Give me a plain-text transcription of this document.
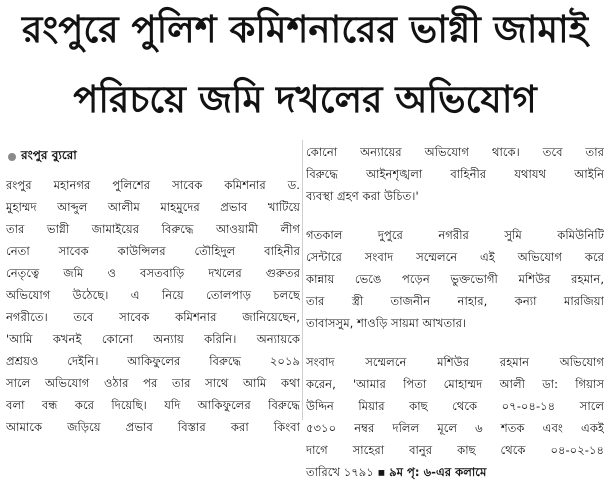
রংপুরে পুলিশ কমিশনারের ভাগ্নী জামাই
পরিচয়ে জমি দখলের অভিযোগ
রংপুর ব্যুরো
রংপুর মহানগর পুলিশের সাবেক কমিশনার ড.
মুহাম্মদ আব্দুল আলীম মাহমুদের প্রভাব খাটিয়ে
তার ভাগ্নী জামাইয়ের বিরুদ্ধে আওয়ামী লীগ
নেতা সাবেক কাউন্সিলর তৌহিদুল বাহিনীর
নেতৃত্বে জমি ও বসতবাড়ি দখলের গুরুতর
অভিযোগ উঠেছে। এ নিয়ে তোলপাড় চলছে
নগরীতে। তবে সাবেক কমিশনার জানিয়েছেন,
'আমি কখনই কোনো অন্যায় করিনি। অন্যায়কে
প্রশ্রয়ও দেইনি। আকিফুলের বিরুদ্ধে ২০১৯
সালে অভিযোগ ওঠার পর তার সাথে আমি কথা
বলা বন্ধ করে দিয়েছি। যদি আকিফুলের বিরুদ্ধে
আমাকে জড়িয়ে প্রভাব বিস্তার করা কিংবা
কোনো অন্যায়ের অভিযোগ থাকে। তবে তার
বিরুদ্ধে আইনশৃঙ্খলা বাহিনীর যথাযথ আইনি
ব্যবস্থা গ্রহণ করা উচিত।'
গতকাল দুপুরে নগরীর সুমি কমিউনিটি
সেন্টারে সংবাদ সম্মেলনে এই অভিযোগ করে
কান্নায় ভেঙে পড়েন ভুক্তভোগী মশিউর রহমান,
তার স্ত্রী তাজনীন নাহার, কন্যা মারজিয়া
তাবাসসুম, শাওড়ি সায়মা আখতার।
সংবাদ সম্মেলনে মশিউর রহমান অভিযোগ
করেন, 'আমার পিতা মোহাম্মদ আলী ডা: গিয়াস
উদ্দিন মিয়ার কাছ থেকে ০৭-০৪-১৪ সালে
৫৩১০ নম্বর দলিল মূলে ৬ শতক এবং একই
দাগে সাহেরা বানুর কাছ থেকে ০৪-০২-১৪
তারিখে ১৭৯১ ▪ ৯ম পৃ: ৬-এর কলামে
